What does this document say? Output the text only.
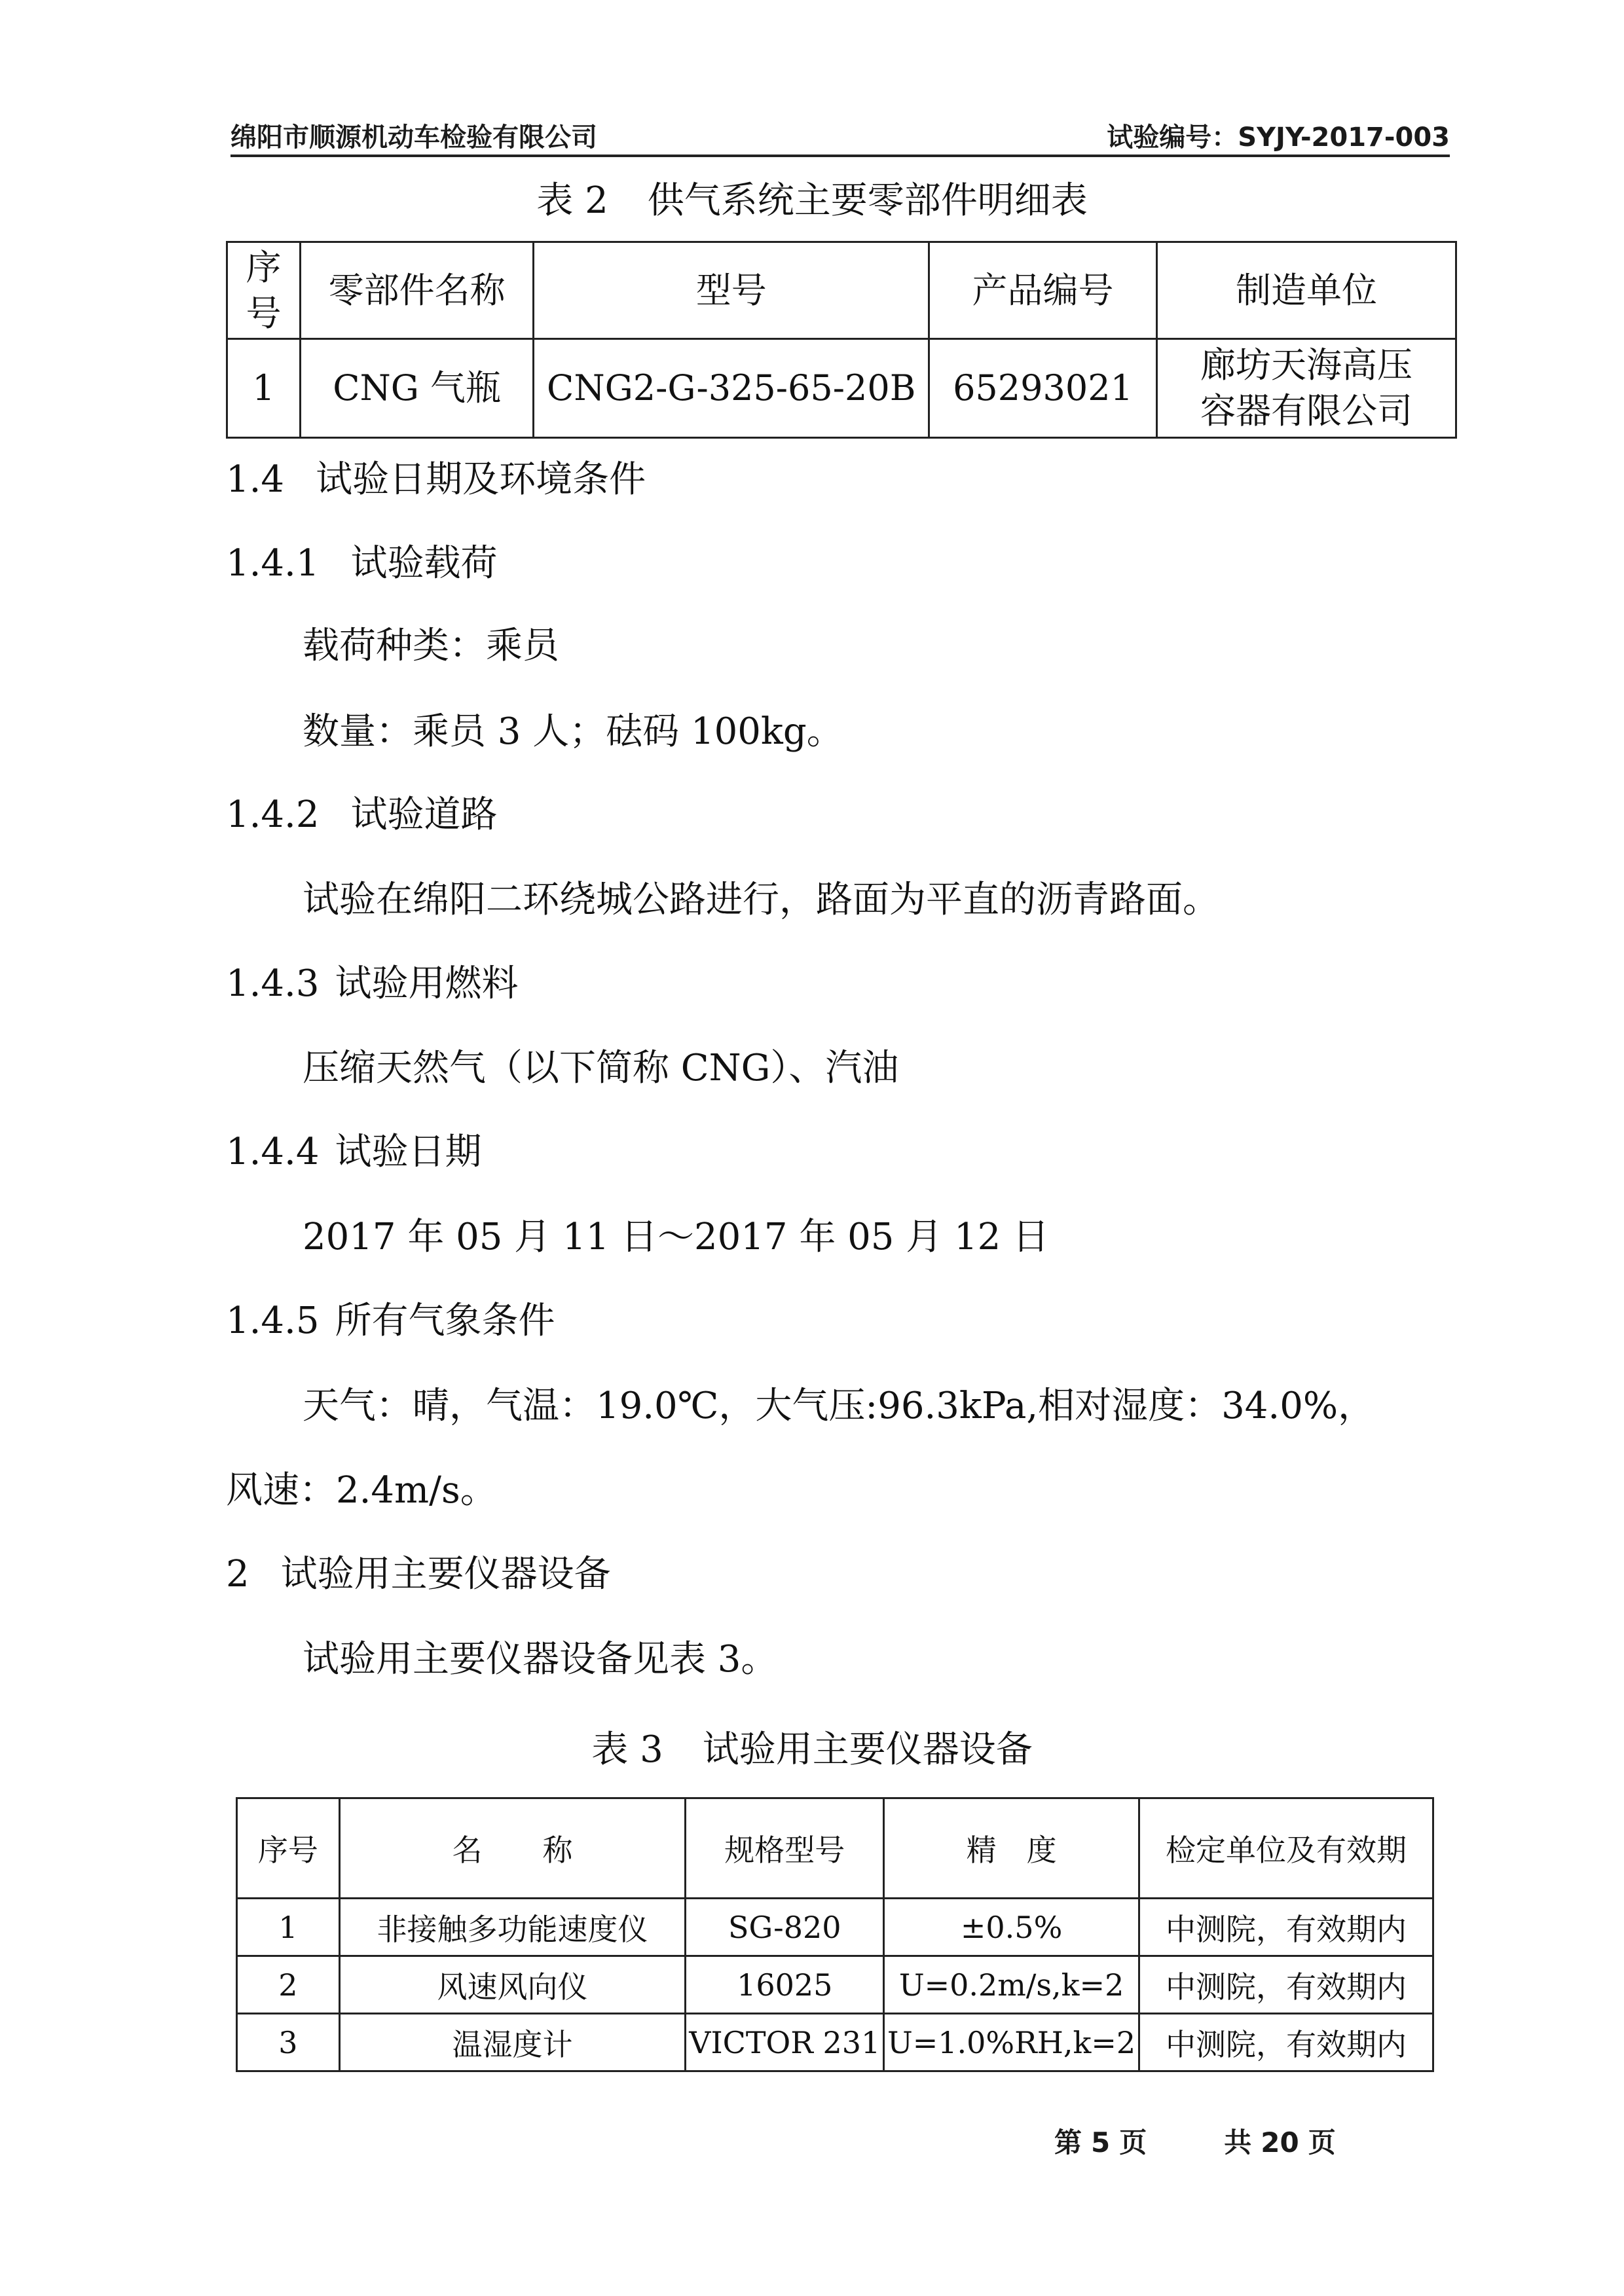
绵阳市顺源机动车检验有限公司	试验编号：SYJY-2017-003
表 2 供气系统主要零部件明细表
序号	零部件名称	型号	产品编号	制造单位
1	CNG 气瓶	CNG2-G-325-65-20B	65293021	廊坊天海高压容器有限公司
1.4 试验日期及环境条件
1.4.1 试验载荷
载荷种类：乘员
数量：乘员 3 人；砝码 100kg。
1.4.2 试验道路
试验在绵阳二环绕城公路进行，路面为平直的沥青路面。
1.4.3 试验用燃料
压缩天然气（以下简称 CNG）、汽油
1.4.4 试验日期
2017 年 05 月 11 日～2017 年 05 月 12 日
1.4.5 所有气象条件
天气：晴，气温：19.0℃，大气压:96.3kPa,相对湿度：34.0%，
风速：2.4m/s。
2 试验用主要仪器设备
试验用主要仪器设备见表 3。
表 3 试验用主要仪器设备
序号	名　　称	规格型号	精　度	检定单位及有效期
1	非接触多功能速度仪	SG-820	±0.5%	中测院，有效期内
2	风速风向仪	16025	U=0.2m/s,k=2	中测院，有效期内
3	温湿度计	VICTOR 231	U=1.0%RH,k=2	中测院，有效期内
第 5 页	共 20 页
